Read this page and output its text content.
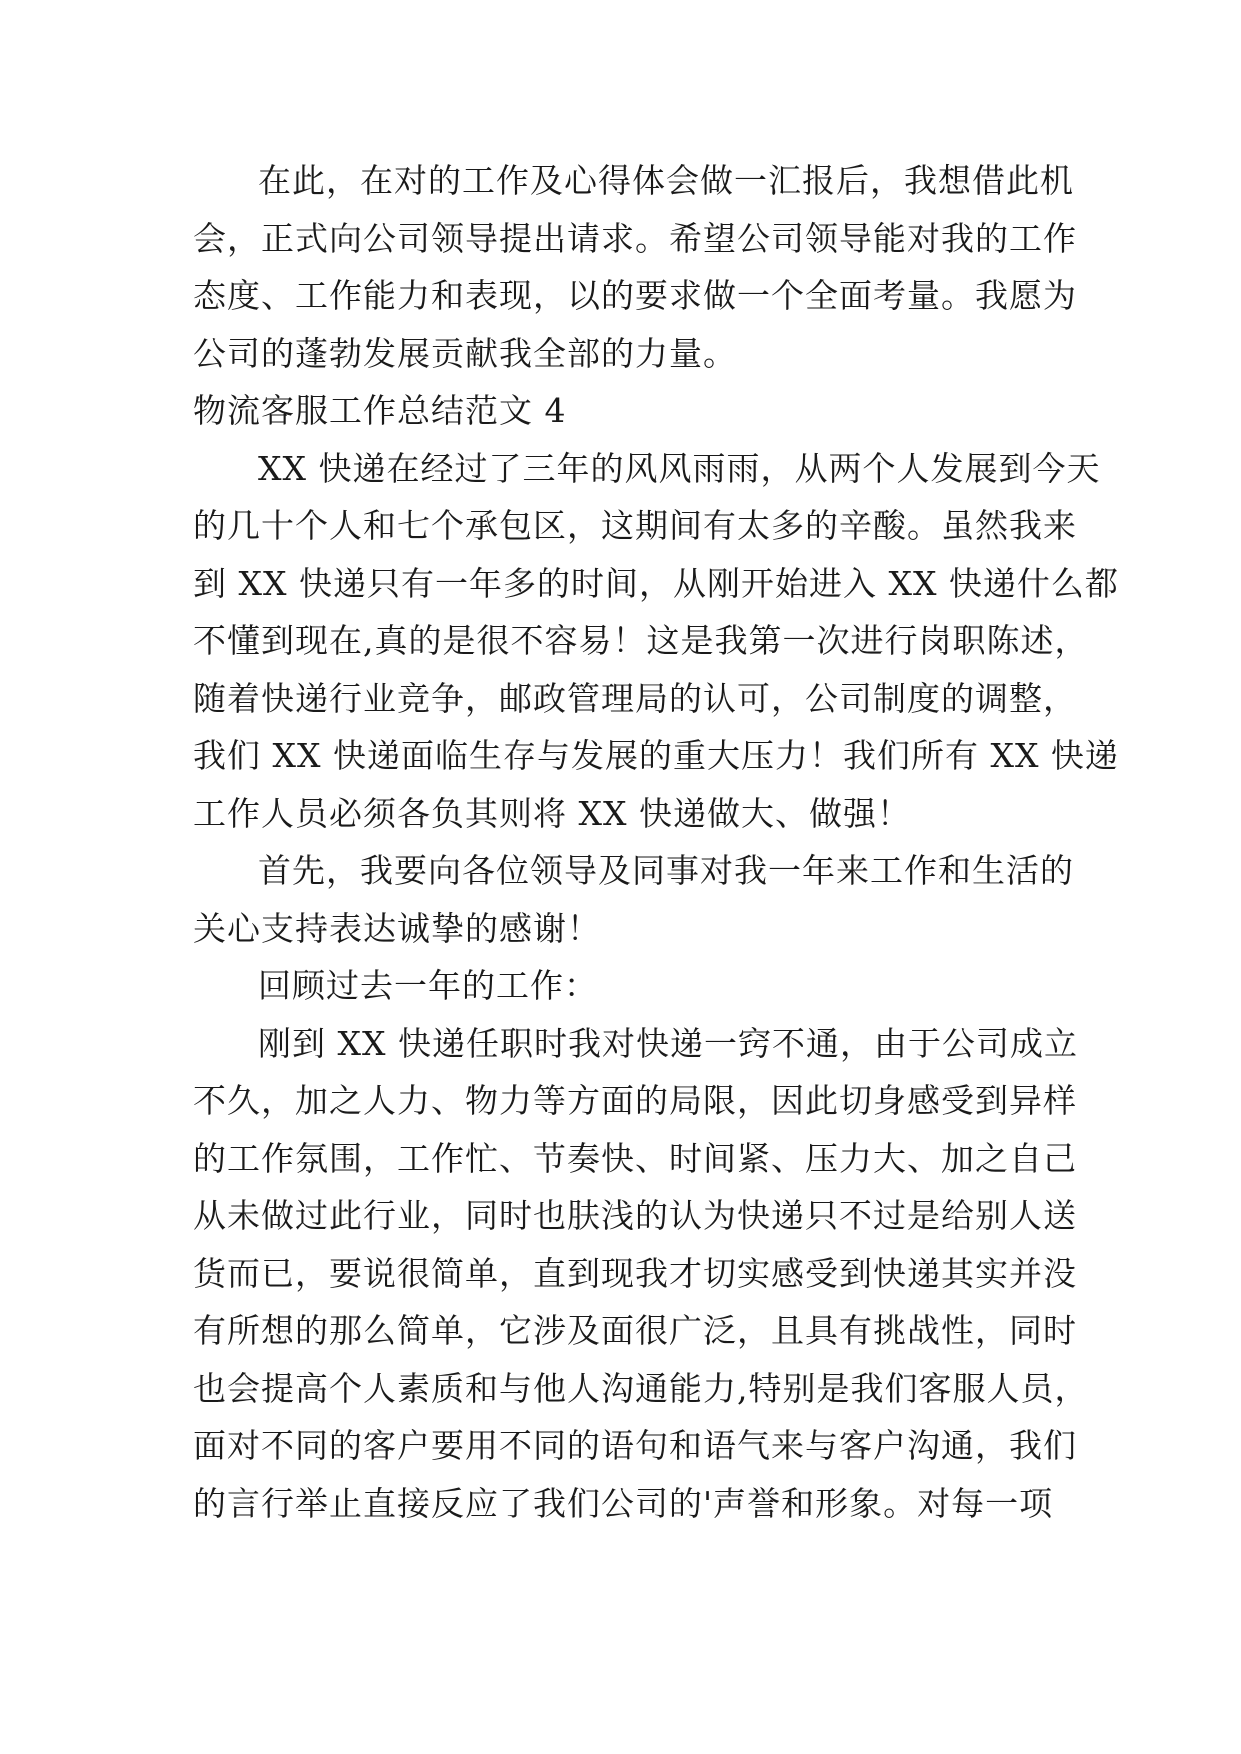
在此，在对的工作及心得体会做一汇报后，我想借此机
会，正式向公司领导提出请求。希望公司领导能对我的工作
态度、工作能力和表现，以的要求做一个全面考量。我愿为
公司的蓬勃发展贡献我全部的力量。
物流客服工作总结范文 4
XX 快递在经过了三年的风风雨雨，从两个人发展到今天
的几十个人和七个承包区，这期间有太多的辛酸。虽然我来
到 XX 快递只有一年多的时间，从刚开始进入 XX 快递什么都
不懂到现在,真的是很不容易！这是我第一次进行岗职陈述，
随着快递行业竞争，邮政管理局的认可，公司制度的调整，
我们 XX 快递面临生存与发展的重大压力！我们所有 XX 快递
工作人员必须各负其则将 XX 快递做大、做强！
首先，我要向各位领导及同事对我一年来工作和生活的
关心支持表达诚挚的感谢！
回顾过去一年的工作：
刚到 XX 快递任职时我对快递一窍不通，由于公司成立
不久，加之人力、物力等方面的局限，因此切身感受到异样
的工作氛围，工作忙、节奏快、时间紧、压力大、加之自己
从未做过此行业，同时也肤浅的认为快递只不过是给别人送
货而已，要说很简单，直到现我才切实感受到快递其实并没
有所想的那么简单，它涉及面很广泛，且具有挑战性，同时
也会提高个人素质和与他人沟通能力,特别是我们客服人员，
面对不同的客户要用不同的语句和语气来与客户沟通，我们
的言行举止直接反应了我们公司的'声誉和形象。对每一项
